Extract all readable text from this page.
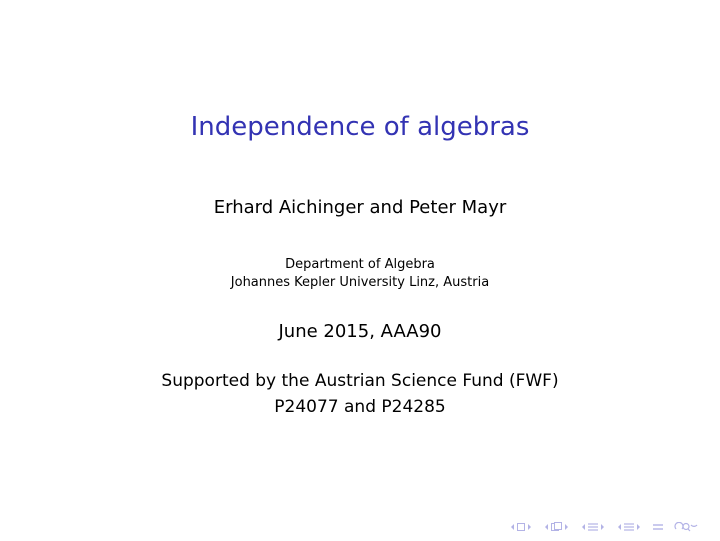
Independence of algebras
Erhard Aichinger and Peter Mayr
Department of Algebra
Johannes Kepler University Linz, Austria
June 2015, AAA90
Supported by the Austrian Science Fund (FWF)
P24077 and P24285
